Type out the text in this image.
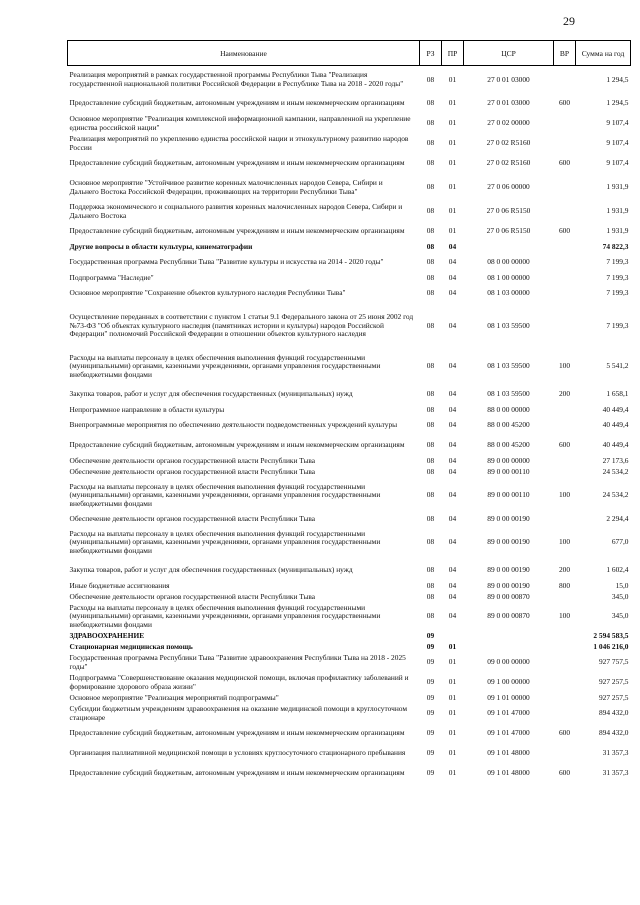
29
Наименование	РЗ	ПР	ЦСР	ВР	Сумма на год
Реализация мероприятий в рамках государственной программы Республики Тыва "Реализация государственной национальной политики Российской Федерации в Республике Тыва на 2018 - 2020 годы"	08	01	27 0 01 03000		1 294,5
Предоставление субсидий бюджетным, автономным учреждениям и иным некоммерческим организациям	08	01	27 0 01 03000	600	1 294,5
Основное мероприятие "Реализация комплексной информационной кампании, направленной на укрепление единства российской нации"	08	01	27 0 02 00000		9 107,4
Реализация мероприятий по укреплению единства российской нации и этнокультурному развитию народов России	08	01	27 0 02 R5160		9 107,4
Предоставление субсидий бюджетным, автономным учреждениям и иным некоммерческим организациям	08	01	27 0 02 R5160	600	9 107,4
Основное мероприятие "Устойчивое развитие коренных малочисленных народов Севера, Сибири и Дальнего Востока Российской Федерации, проживающих на территории Республики Тыва"	08	01	27 0 06 00000		1 931,9
Поддержка экономического и социального развития коренных малочисленных народов Севера, Сибири и Дальнего Востока	08	01	27 0 06 R5150		1 931,9
Предоставление субсидий бюджетным, автономным учреждениям и иным некоммерческим организациям	08	01	27 0 06 R5150	600	1 931,9
Другие вопросы в области культуры, кинематографии	08	04			74 822,3
Государственная программа Республики Тыва "Развитие культуры и искусства на 2014 - 2020 годы"	08	04	08 0 00 00000		7 199,3
Подпрограмма "Наследие"	08	04	08 1 00 00000		7 199,3
Основное мероприятие "Сохранение объектов культурного наследия Республики Тыва"	08	04	08 1 03 00000		7 199,3
Осуществление переданных в соответствии с пунктом 1 статьи 9.1 Федерального закона от 25 июня 2002 год №73-ФЗ "Об объектах культурного наследия (памятниках истории и культуры) народов Российской Федерации" полномочий Российской Федерации в отношении объектов культурного наследия	08	04	08 1 03 59500		7 199,3
Расходы на выплаты персоналу в целях обеспечения выполнения функций государственными (муниципальными) органами, казенными учреждениями, органами управления государственными внебюджетными фондами	08	04	08 1 03 59500	100	5 541,2
Закупка товаров, работ и услуг для обеспечения государственных (муниципальных) нужд	08	04	08 1 03 59500	200	1 658,1
Непрограммное направление в области культуры	08	04	88 0 00 00000		40 449,4
Внепрограммные мероприятия по обеспечению деятельности подведомственных учреждений культуры	08	04	88 0 00 45200		40 449,4
Предоставление субсидий бюджетным, автономным учреждениям и иным некоммерческим организациям	08	04	88 0 00 45200	600	40 449,4
Обеспечение деятельности органов государственной власти Республики Тыва	08	04	89 0 00 00000		27 173,6
Обеспечение деятельности органов государственной власти Республики Тыва	08	04	89 0 00 00110		24 534,2
Расходы на выплаты персоналу в целях обеспечения выполнения функций государственными (муниципальными) органами, казенными учреждениями, органами управления государственными внебюджетными фондами	08	04	89 0 00 00110	100	24 534,2
Обеспечение деятельности органов государственной власти Республики Тыва	08	04	89 0 00 00190		2 294,4
Расходы на выплаты персоналу в целях обеспечения выполнения функций государственными (муниципальными) органами, казенными учреждениями, органами управления государственными внебюджетными фондами	08	04	89 0 00 00190	100	677,0
Закупка товаров, работ и услуг для обеспечения государственных (муниципальных) нужд	08	04	89 0 00 00190	200	1 602,4
Иные бюджетные ассигнования	08	04	89 0 00 00190	800	15,0
Обеспечение деятельности органов государственной власти Республики Тыва	08	04	89 0 00 00870		345,0
Расходы на выплаты персоналу в целях обеспечения выполнения функций государственными (муниципальными) органами, казенными учреждениями, органами управления государственными внебюджетными фондами	08	04	89 0 00 00870	100	345,0
ЗДРАВООХРАНЕНИЕ	09				2 594 583,5
Стационарная медицинская помощь	09	01			1 046 216,0
Государственная программа Республики Тыва "Развитие здравоохранения Республики Тыва на 2018 - 2025 годы"	09	01	09 0 00 00000		927 757,5
Подпрограмма "Совершенствование оказания медицинской помощи, включая профилактику заболеваний и формирование здорового образа жизни"	09	01	09 1 00 00000		927 257,5
Основное мероприятие "Реализация мероприятий подпрограммы"	09	01	09 1 01 00000		927 257,5
Субсидии бюджетным учреждениям здравоохранения на оказание медицинской помощи в круглосуточном стационаре	09	01	09 1 01 47000		894 432,0
Предоставление субсидий бюджетным, автономным учреждениям и иным некоммерческим организациям	09	01	09 1 01 47000	600	894 432,0
Организация паллиативной медицинской помощи в условиях круглосуточного стационарного пребывания	09	01	09 1 01 48000		31 357,3
Предоставление субсидий бюджетным, автономным учреждениям и иным некоммерческим организациям	09	01	09 1 01 48000	600	31 357,3
